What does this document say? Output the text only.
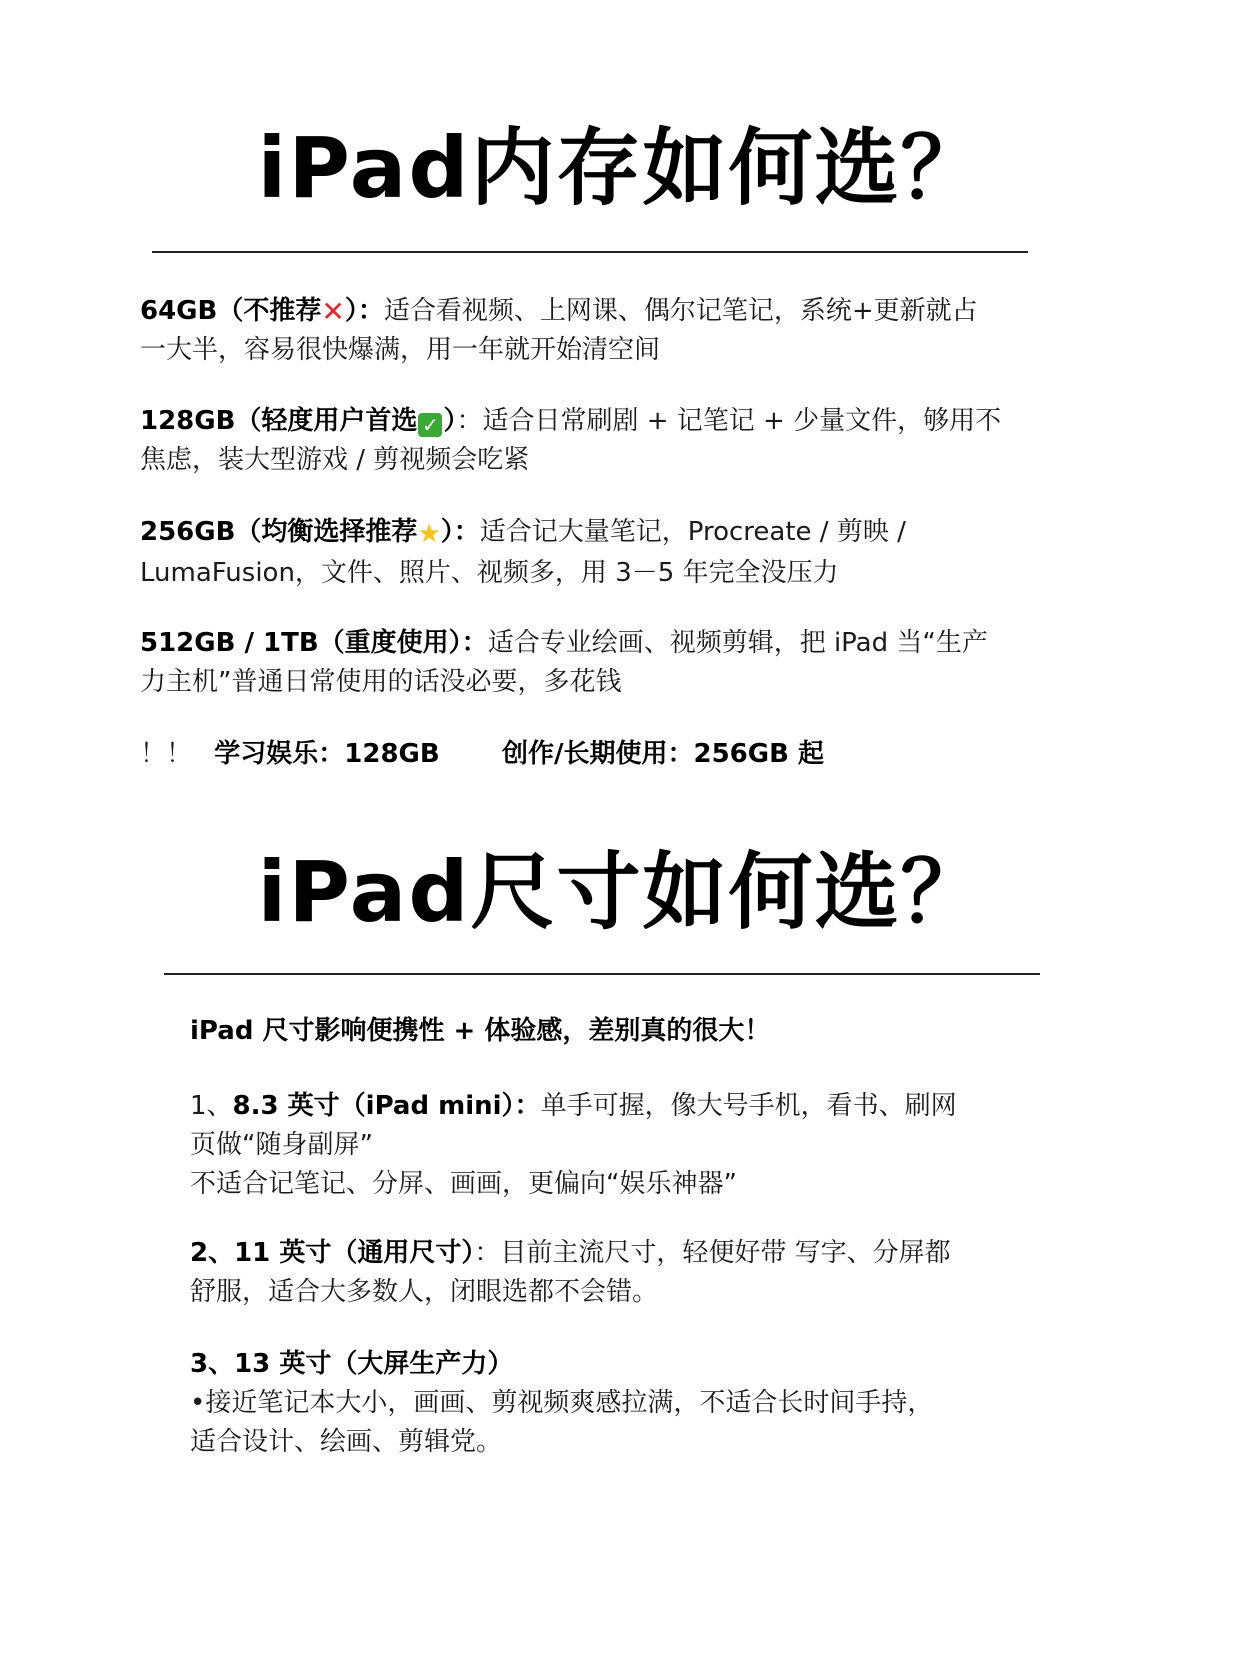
iPad内存如何选？
64GB（不推荐✕）：适合看视频、上网课、偶尔记笔记，系统+更新就占
一大半，容易很快爆满，用一年就开始清空间
128GB（轻度用户首选 ✓ ）：适合日常刷剧 + 记笔记 + 少量文件，够用不
焦虑，装大型游戏 / 剪视频会吃紧
256GB（均衡选择推荐★）：适合记大量笔记，Procreate / 剪映 /
LumaFusion，文件、照片、视频多，用 3－5 年完全没压力
512GB / 1TB（重度使用）：适合专业绘画、视频剪辑，把 iPad 当“生产
力主机”普通日常使用的话没必要，多花钱
！！ 学习娱乐：128GB 创作/长期使用：256GB 起
iPad尺寸如何选？
iPad 尺寸影响便携性 + 体验感，差别真的很大！
1、8.3 英寸（iPad mini）：单手可握，像大号手机，看书、刷网
页做“随身副屏”
不适合记笔记、分屏、画画，更偏向“娱乐神器”
2、11 英寸（通用尺寸）：目前主流尺寸，轻便好带 写字、分屏都
舒服，适合大多数人，闭眼选都不会错。
3、13 英寸（大屏生产力）
•接近笔记本大小，画画、剪视频爽感拉满，不适合长时间手持，
适合设计、绘画、剪辑党。
